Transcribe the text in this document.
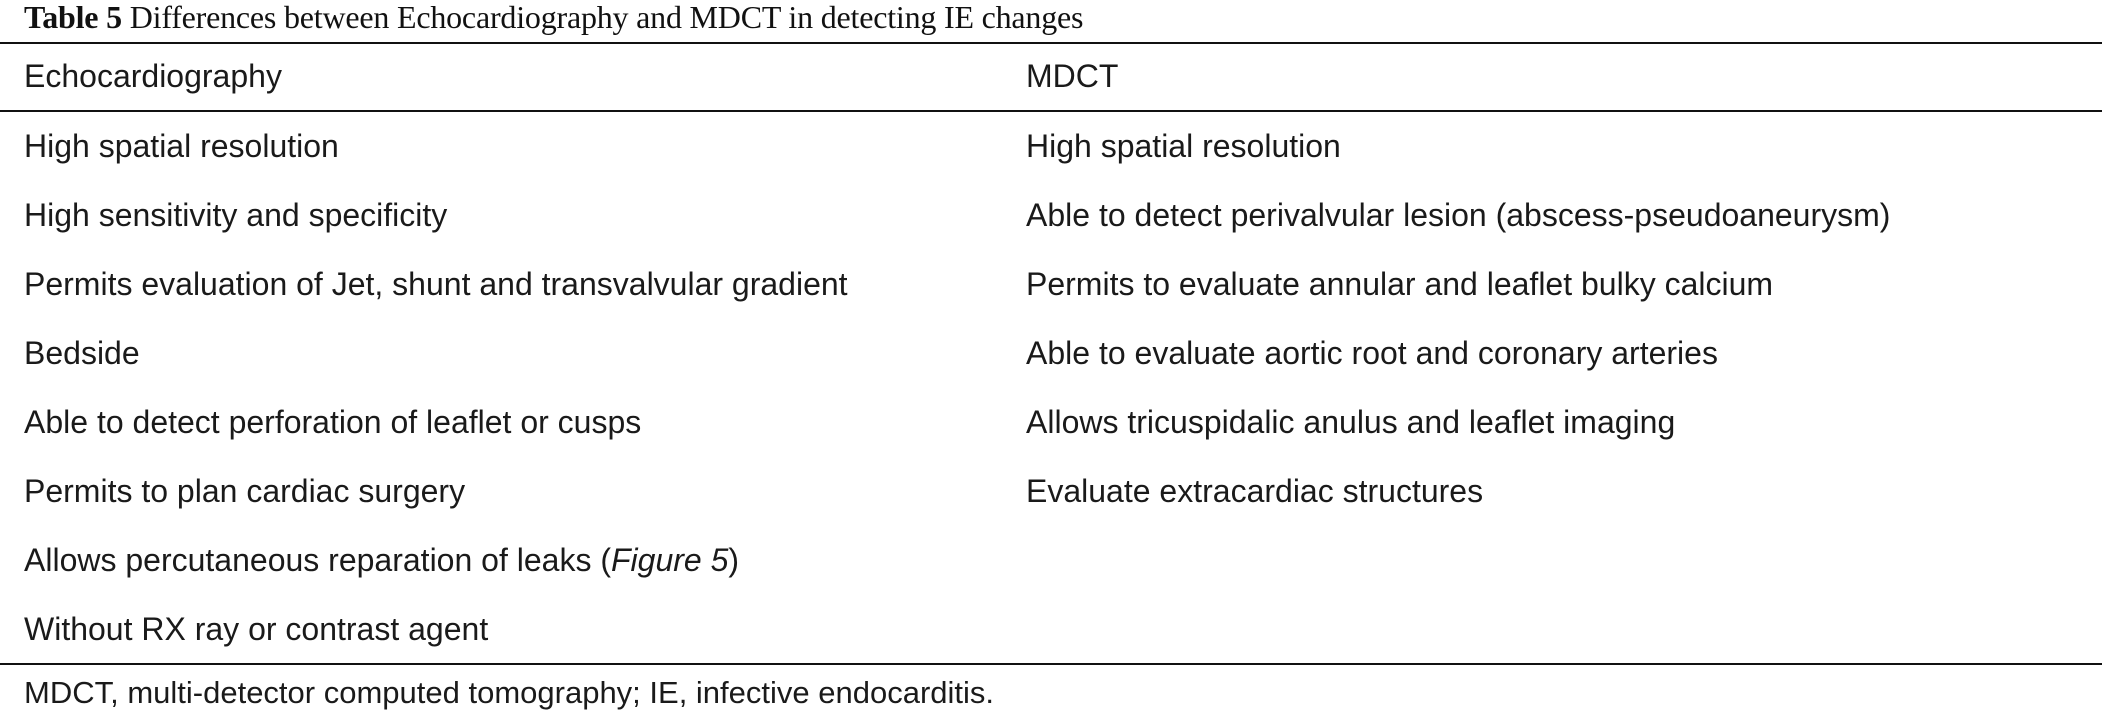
Table 5 Differences between Echocardiography and MDCT in detecting IE changes
Echocardiography	MDCT
High spatial resolution	High spatial resolution
High sensitivity and specificity	Able to detect perivalvular lesion (abscess-pseudoaneurysm)
Permits evaluation of Jet, shunt and transvalvular gradient	Permits to evaluate annular and leaflet bulky calcium
Bedside	Able to evaluate aortic root and coronary arteries
Able to detect perforation of leaflet or cusps	Allows tricuspidalic anulus and leaflet imaging
Permits to plan cardiac surgery	Evaluate extracardiac structures
Allows percutaneous reparation of leaks (Figure 5)
Without RX ray or contrast agent
MDCT, multi-detector computed tomography; IE, infective endocarditis.
